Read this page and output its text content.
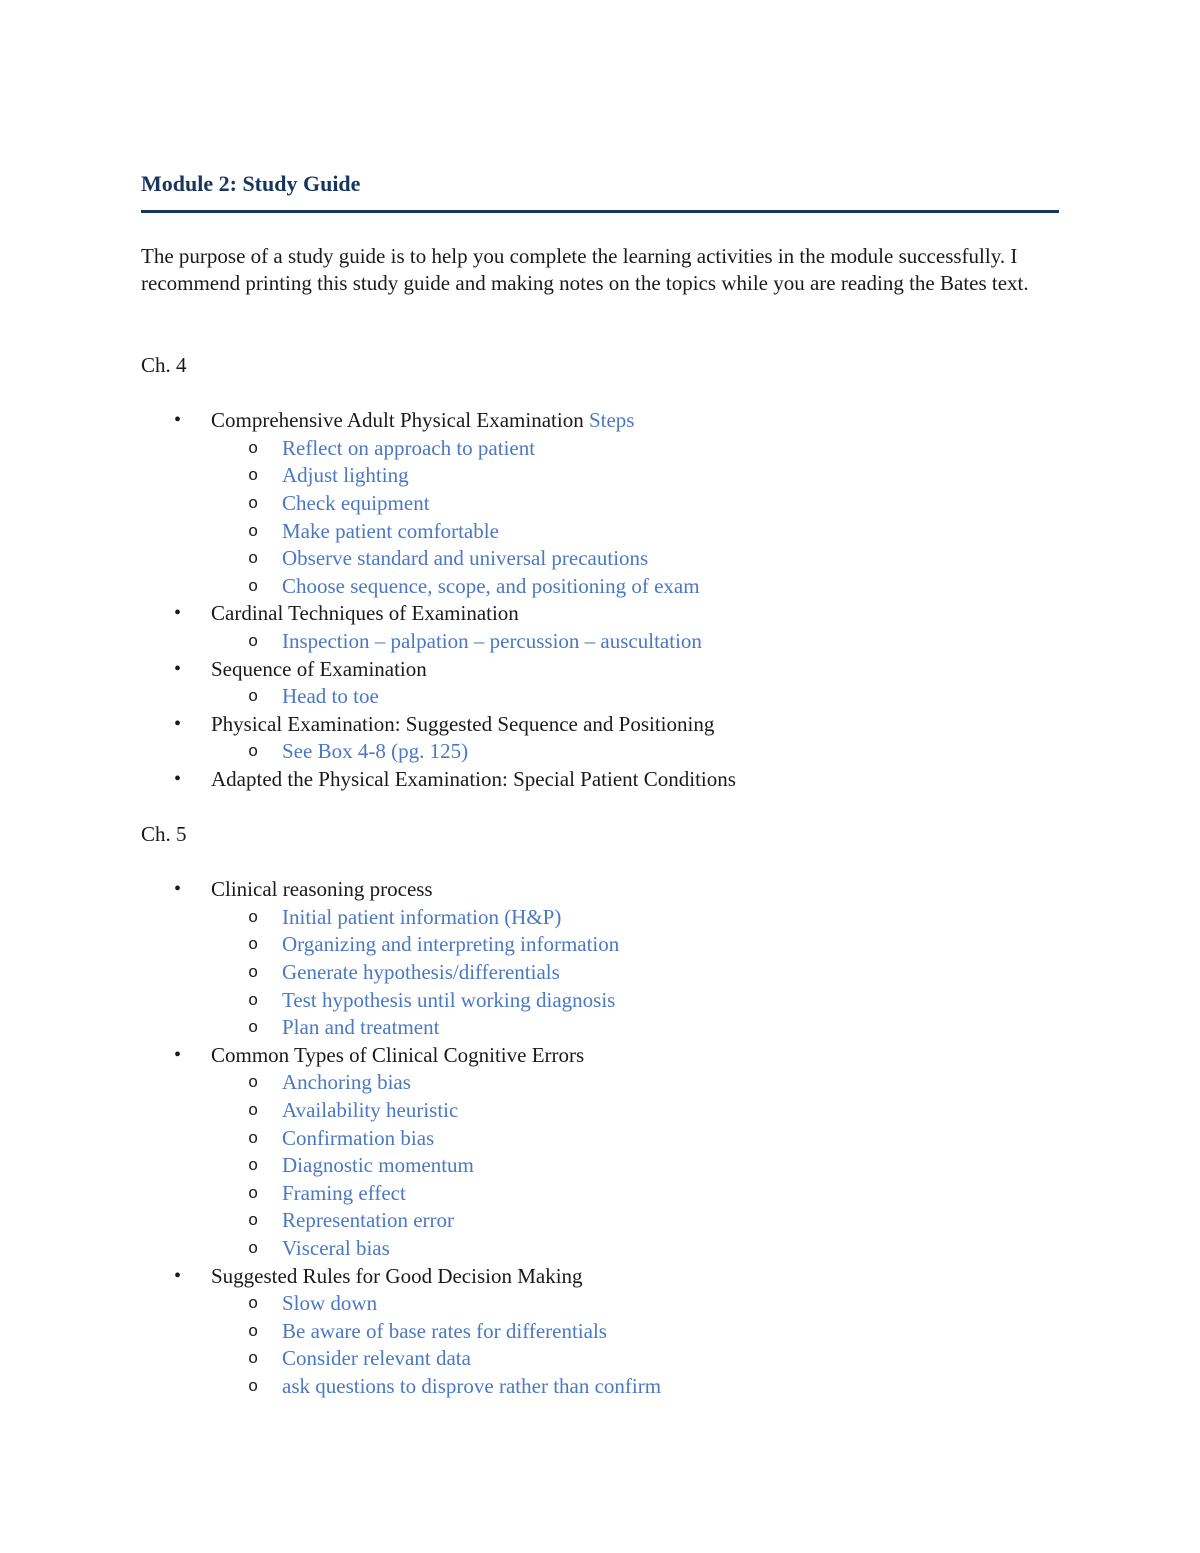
Module 2: Study Guide

The purpose of a study guide is to help you complete the learning activities in the module successfully. I recommend printing this study guide and making notes on the topics while you are reading the Bates text.

Ch. 4

• Comprehensive Adult Physical Examination Steps
o Reflect on approach to patient
o Adjust lighting
o Check equipment
o Make patient comfortable
o Observe standard and universal precautions
o Choose sequence, scope, and positioning of exam
• Cardinal Techniques of Examination
o Inspection – palpation – percussion – auscultation
• Sequence of Examination
o Head to toe
• Physical Examination: Suggested Sequence and Positioning
o See Box 4-8 (pg. 125)
• Adapted the Physical Examination: Special Patient Conditions

Ch. 5

• Clinical reasoning process
o Initial patient information (H&P)
o Organizing and interpreting information
o Generate hypothesis/differentials
o Test hypothesis until working diagnosis
o Plan and treatment
• Common Types of Clinical Cognitive Errors
o Anchoring bias
o Availability heuristic
o Confirmation bias
o Diagnostic momentum
o Framing effect
o Representation error
o Visceral bias
• Suggested Rules for Good Decision Making
o Slow down
o Be aware of base rates for differentials
o Consider relevant data
o ask questions to disprove rather than confirm
